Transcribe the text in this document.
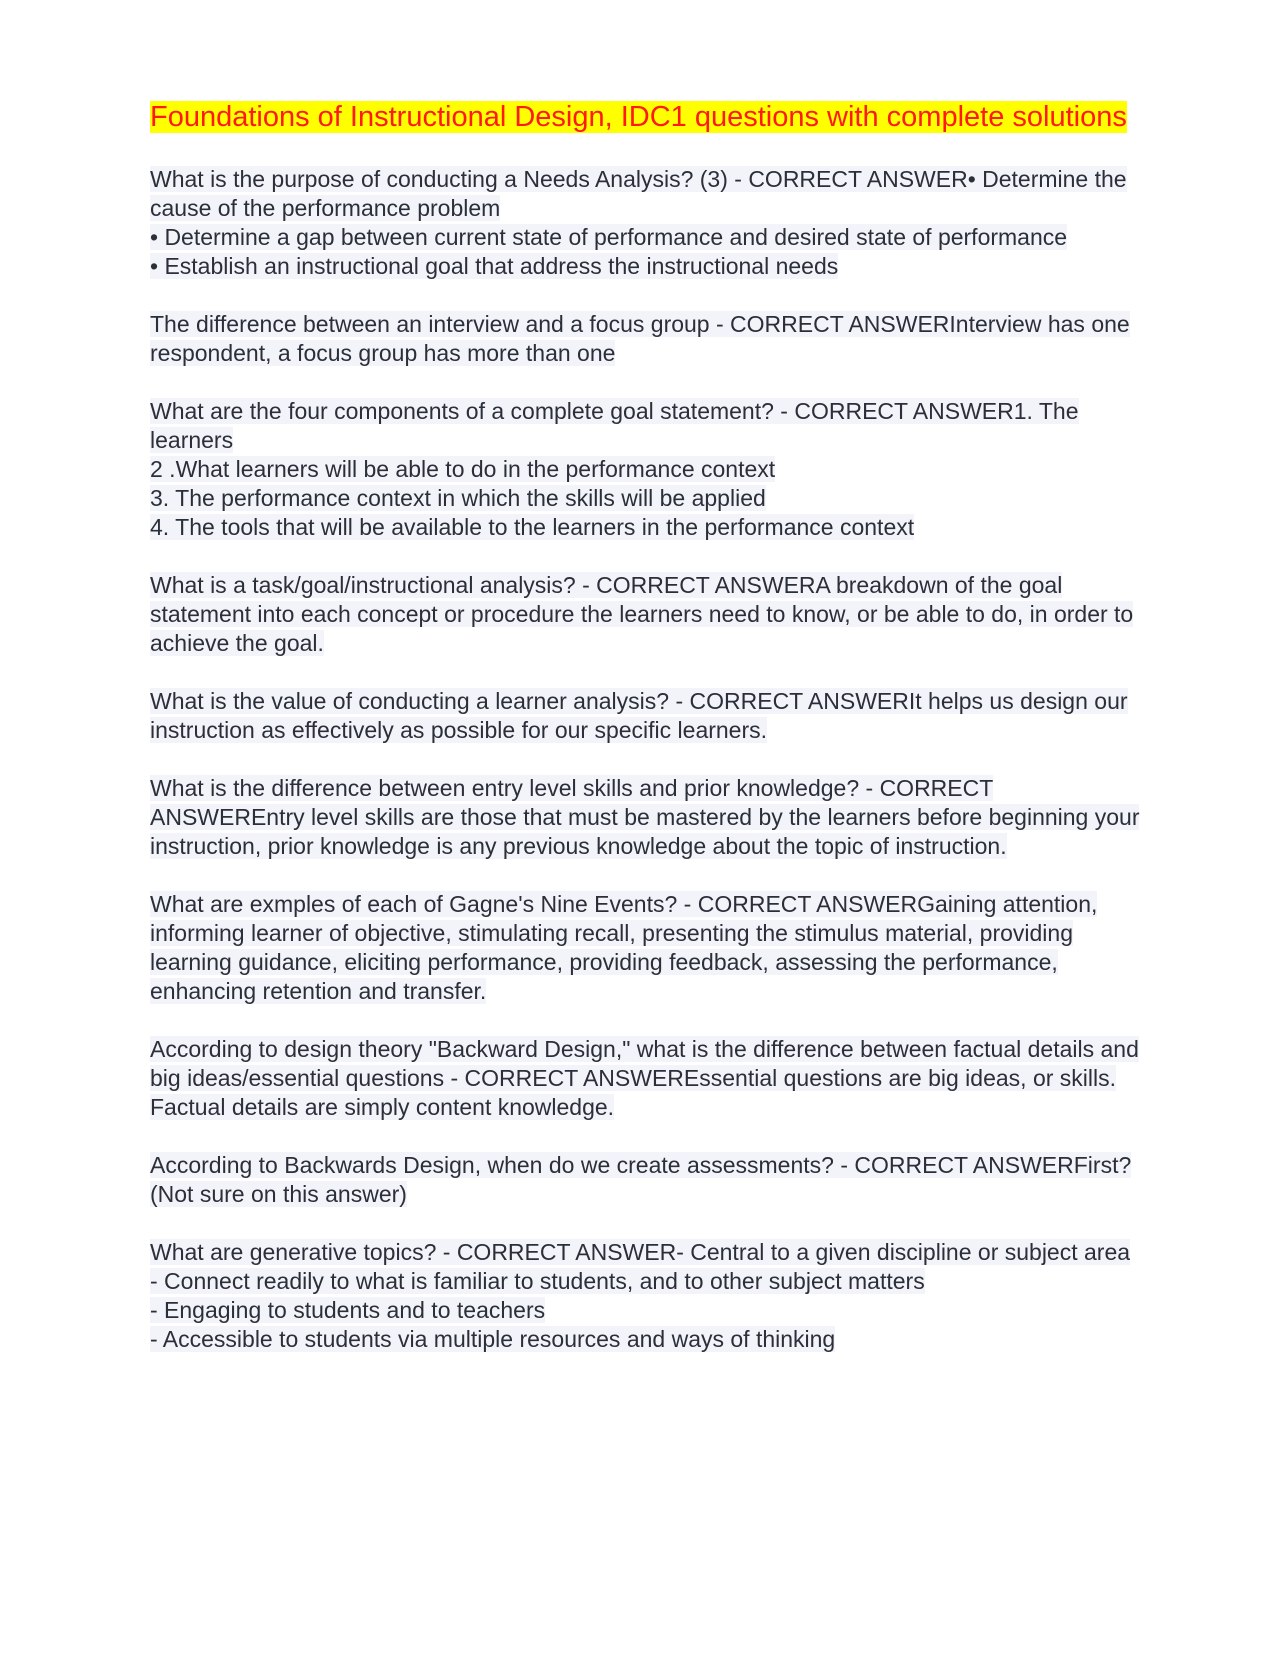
Foundations of Instructional Design, IDC1 questions with complete solutions
What is the purpose of conducting a Needs Analysis? (3) - CORRECT ANSWER• Determine the cause of the performance problem
• Determine a gap between current state of performance and desired state of performance
• Establish an instructional goal that address the instructional needs
The difference between an interview and a focus group - CORRECT ANSWERInterview has one respondent, a focus group has more than one
What are the four components of a complete goal statement? - CORRECT ANSWER1. The learners
2 .What learners will be able to do in the performance context
3. The performance context in which the skills will be applied
4. The tools that will be available to the learners in the performance context
What is a task/goal/instructional analysis? - CORRECT ANSWERA breakdown of the goal statement into each concept or procedure the learners need to know, or be able to do, in order to achieve the goal.
What is the value of conducting a learner analysis? - CORRECT ANSWERIt helps us design our instruction as effectively as possible for our specific learners.
What is the difference between entry level skills and prior knowledge? - CORRECT ANSWEREntry level skills are those that must be mastered by the learners before beginning your instruction, prior knowledge is any previous knowledge about the topic of instruction.
What are exmples of each of Gagne's Nine Events? - CORRECT ANSWERGaining attention, informing learner of objective, stimulating recall, presenting the stimulus material, providing learning guidance, eliciting performance, providing feedback, assessing the performance, enhancing retention and transfer.
According to design theory "Backward Design," what is the difference between factual details and big ideas/essential questions - CORRECT ANSWEREssential questions are big ideas, or skills. Factual details are simply content knowledge.
According to Backwards Design, when do we create assessments? - CORRECT ANSWERFirst? (Not sure on this answer)
What are generative topics? - CORRECT ANSWER- Central to a given discipline or subject area
- Connect readily to what is familiar to students, and to other subject matters
- Engaging to students and to teachers
- Accessible to students via multiple resources and ways of thinking
